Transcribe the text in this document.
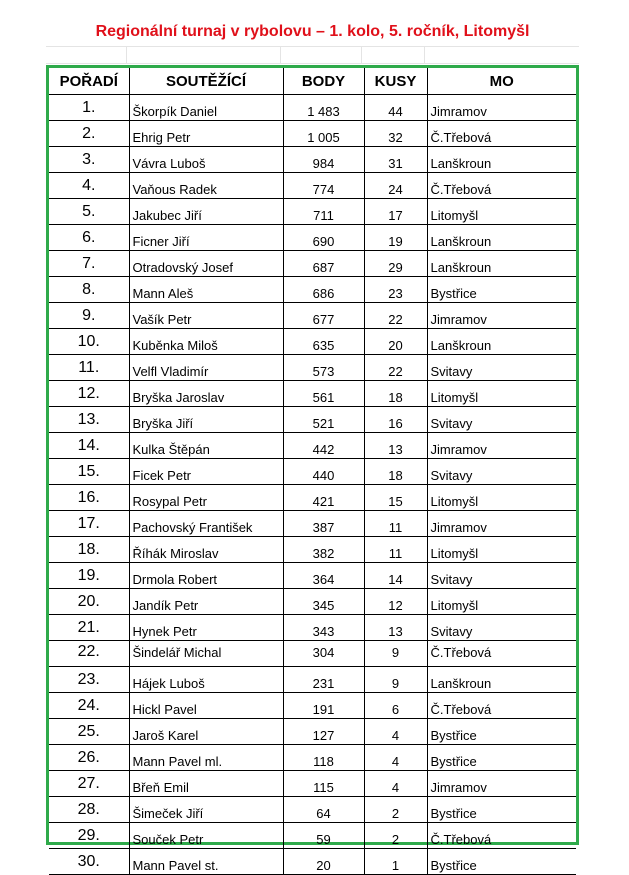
Regionální turnaj v rybolovu – 1. kolo, 5. ročník, Litomyšl
POŘADÍ	SOUTĚŽÍCÍ	BODY	KUSY	MO
1.	Škorpík Daniel	1 483	44	Jimramov
2.	Ehrig Petr	1 005	32	Č.Třebová
3.	Vávra Luboš	984	31	Lanškroun
4.	Vaňous Radek	774	24	Č.Třebová
5.	Jakubec Jiří	711	17	Litomyšl
6.	Ficner Jiří	690	19	Lanškroun
7.	Otradovský Josef	687	29	Lanškroun
8.	Mann Aleš	686	23	Bystřice
9.	Vašík Petr	677	22	Jimramov
10.	Kuběnka Miloš	635	20	Lanškroun
11.	Velfl Vladimír	573	22	Svitavy
12.	Bryška Jaroslav	561	18	Litomyšl
13.	Bryška Jiří	521	16	Svitavy
14.	Kulka Štěpán	442	13	Jimramov
15.	Ficek Petr	440	18	Svitavy
16.	Rosypal Petr	421	15	Litomyšl
17.	Pachovský František	387	11	Jimramov
18.	Říhák Miroslav	382	11	Litomyšl
19.	Drmola Robert	364	14	Svitavy
20.	Jandík Petr	345	12	Litomyšl
21.	Hynek Petr	343	13	Svitavy
22.	Šindelář Michal	304	9	Č.Třebová
23.	Hájek Luboš	231	9	Lanškroun
24.	Hickl Pavel	191	6	Č.Třebová
25.	Jaroš Karel	127	4	Bystřice
26.	Mann Pavel ml.	118	4	Bystřice
27.	Břeň Emil	115	4	Jimramov
28.	Šimeček Jiří	64	2	Bystřice
29.	Souček Petr	59	2	Č.Třebová
30.	Mann Pavel st.	20	1	Bystřice
